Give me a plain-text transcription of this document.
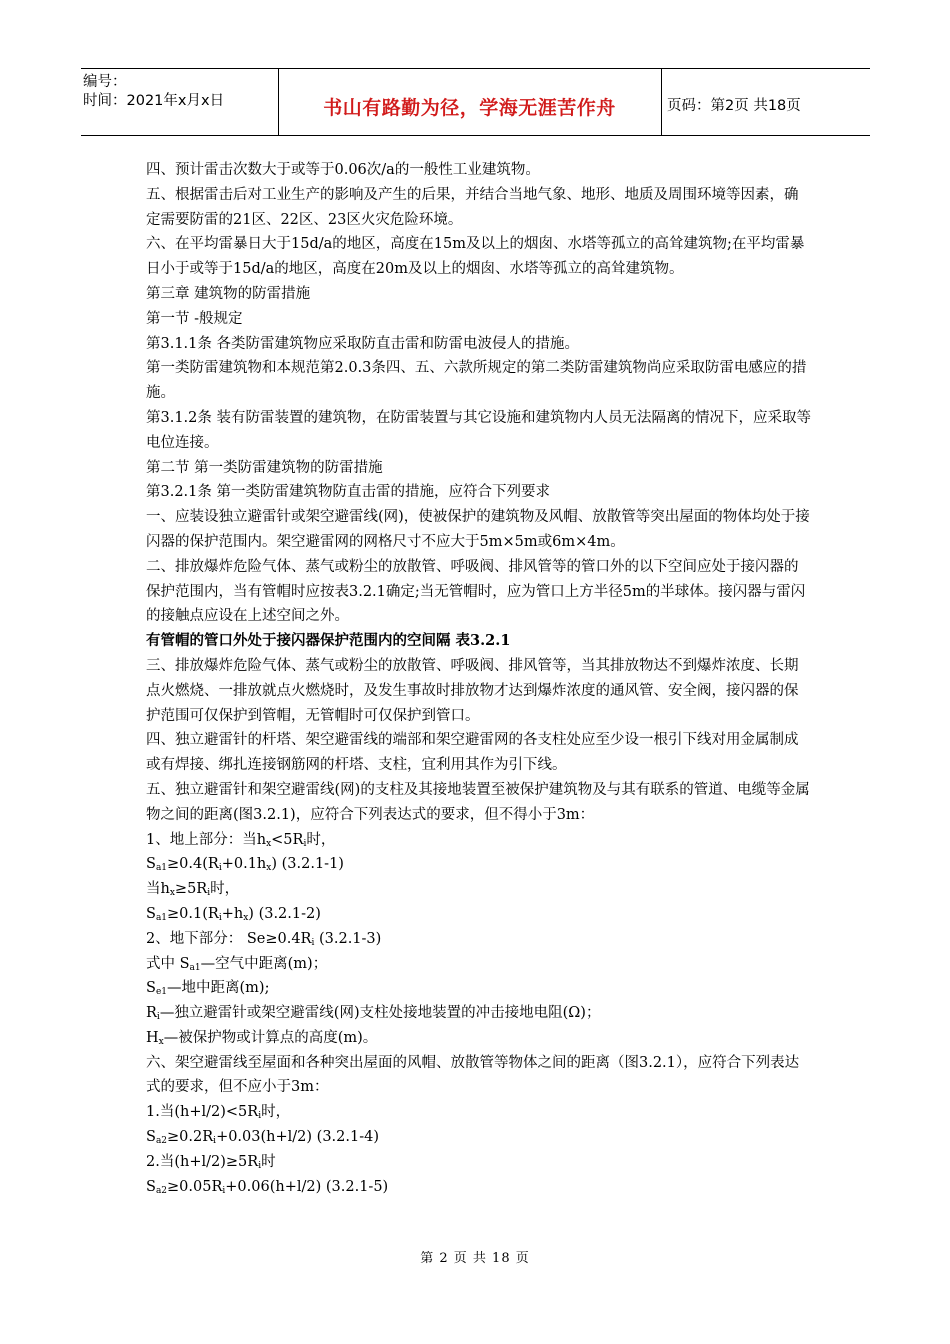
编号：
时间：2021年x月x日	书山有路勤为径，学海无涯苦作舟	页码：第2页 共18页

四、预计雷击次数大于或等于0.06次/a的一般性工业建筑物。

五、根据雷击后对工业生产的影响及产生的后果，并结合当地气象、地形、地质及周围环境等因素，确定需要防雷的21区、22区、23区火灾危险环境。

六、在平均雷暴日大于15d/a的地区，高度在15m及以上的烟囱、水塔等孤立的高耸建筑物;在平均雷暴日小于或等于15d/a的地区，高度在20m及以上的烟囱、水塔等孤立的高耸建筑物。

第三章 建筑物的防雷措施

第一节 -般规定

第3.1.1条 各类防雷建筑物应采取防直击雷和防雷电波侵人的措施。

第一类防雷建筑物和本规范第2.0.3条四、五、六款所规定的第二类防雷建筑物尚应采取防雷电感应的措施。

第3.1.2条 装有防雷装置的建筑物，在防雷装置与其它设施和建筑物内人员无法隔离的情况下，应采取等电位连接。

第二节 第一类防雷建筑物的防雷措施

第3.2.1条 第一类防雷建筑物防直击雷的措施，应符合下列要求

一、应装设独立避雷针或架空避雷线(网)，使被保护的建筑物及风帽、放散管等突出屋面的物体均处于接闪器的保护范围内。架空避雷网的网格尺寸不应大于5m×5m或6m×4m。

二、排放爆炸危险气体、蒸气或粉尘的放散管、呼吸阀、排风管等的管口外的以下空间应处于接闪器的保护范围内，当有管帽时应按表3.2.1确定;当无管帽时，应为管口上方半径5m的半球体。接闪器与雷闪的接触点应设在上述空间之外。

有管帽的管口外处于接闪器保护范围内的空间隔 表3.2.1

三、排放爆炸危险气体、蒸气或粉尘的放散管、呼吸阀、排风管等，当其排放物达不到爆炸浓度、长期点火燃烧、一排放就点火燃烧时，及发生事故时排放物才达到爆炸浓度的通风管、安全阀，接闪器的保护范围可仅保护到管帽，无管帽时可仅保护到管口。

四、独立避雷针的杆塔、架空避雷线的端部和架空避雷网的各支柱处应至少设一根引下线对用金属制成或有焊接、绑扎连接钢筋网的杆塔、支柱，宜利用其作为引下线。

五、独立避雷针和架空避雷线(网)的支柱及其接地装置至被保护建筑物及与其有联系的管道、电缆等金属物之间的距离(图3.2.1)，应符合下列表达式的要求，但不得小于3m：

1、地上部分：当$h_x<5R_i$时，

$S_{a1}\ge 0.4(R_i+0.1h_x)$ (3.2.1-1)

当$h_x\ge 5R_i$时，

$S_{a1}\ge 0.1(R_i+h_x)$ (3.2.1-2)

2、地下部分： $Se\ge 0.4R_i$ (3.2.1-3)

式中 $S_{a1}—$空气中距离(m)；

$S_{e1}—$地中距离(m);

$R_i—$独立避雷针或架空避雷线(网)支柱处接地装置的冲击接地电阻(Ω)；

$H_x—$被保护物或计算点的高度(m)。

六、架空避雷线至屋面和各种突出屋面的风帽、放散管等物体之间的距离（图3.2.1），应符合下列表达式的要求，但不应小于3m：

1.当$(h+l/2)<5R_i$时，

$S_{a2}\ge 0.2R_i+0.03(h+l/2)$ (3.2.1-4)

2.当$(h+l/2)\ge 5R_i$时

$S_{a2}\ge 0.05R_i+0.06(h+l/2)$ (3.2.1-5)

第 2 页 共 18 页
